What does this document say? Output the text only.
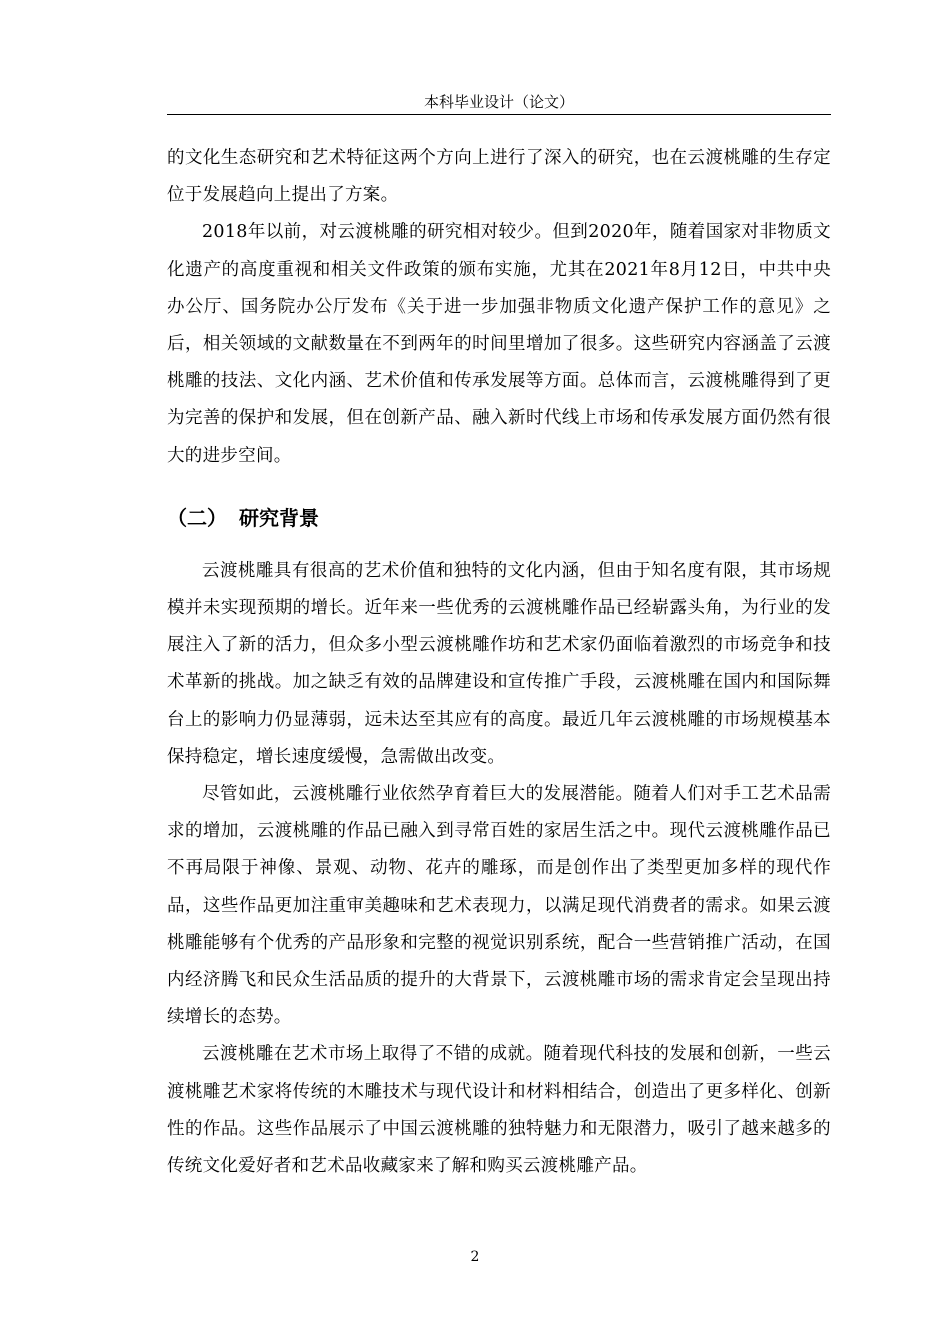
本科毕业设计（论文）

的文化生态研究和艺术特征这两个方向上进行了深入的研究，也在云渡桃雕的生存定位于发展趋向上提出了方案。

2018年以前，对云渡桃雕的研究相对较少。但到2020年，随着国家对非物质文化遗产的高度重视和相关文件政策的颁布实施，尤其在2021年8月12日，中共中央办公厅、国务院办公厅发布《关于进一步加强非物质文化遗产保护工作的意见》之后，相关领域的文献数量在不到两年的时间里增加了很多。这些研究内容涵盖了云渡桃雕的技法、文化内涵、艺术价值和传承发展等方面。总体而言，云渡桃雕得到了更为完善的保护和发展，但在创新产品、融入新时代线上市场和传承发展方面仍然有很大的进步空间。

（二） 研究背景

云渡桃雕具有很高的艺术价值和独特的文化内涵，但由于知名度有限，其市场规模并未实现预期的增长。近年来一些优秀的云渡桃雕作品已经崭露头角，为行业的发展注入了新的活力，但众多小型云渡桃雕作坊和艺术家仍面临着激烈的市场竞争和技术革新的挑战。加之缺乏有效的品牌建设和宣传推广手段，云渡桃雕在国内和国际舞台上的影响力仍显薄弱，远未达至其应有的高度。最近几年云渡桃雕的市场规模基本保持稳定，增长速度缓慢，急需做出改变。

尽管如此，云渡桃雕行业依然孕育着巨大的发展潜能。随着人们对手工艺术品需求的增加，云渡桃雕的作品已融入到寻常百姓的家居生活之中。现代云渡桃雕作品已不再局限于神像、景观、动物、花卉的雕琢，而是创作出了类型更加多样的现代作品，这些作品更加注重审美趣味和艺术表现力，以满足现代消费者的需求。如果云渡桃雕能够有个优秀的产品形象和完整的视觉识别系统，配合一些营销推广活动，在国内经济腾飞和民众生活品质的提升的大背景下，云渡桃雕市场的需求肯定会呈现出持续增长的态势。

云渡桃雕在艺术市场上取得了不错的成就。随着现代科技的发展和创新，一些云渡桃雕艺术家将传统的木雕技术与现代设计和材料相结合，创造出了更多样化、创新性的作品。这些作品展示了中国云渡桃雕的独特魅力和无限潜力，吸引了越来越多的传统文化爱好者和艺术品收藏家来了解和购买云渡桃雕产品。

2
